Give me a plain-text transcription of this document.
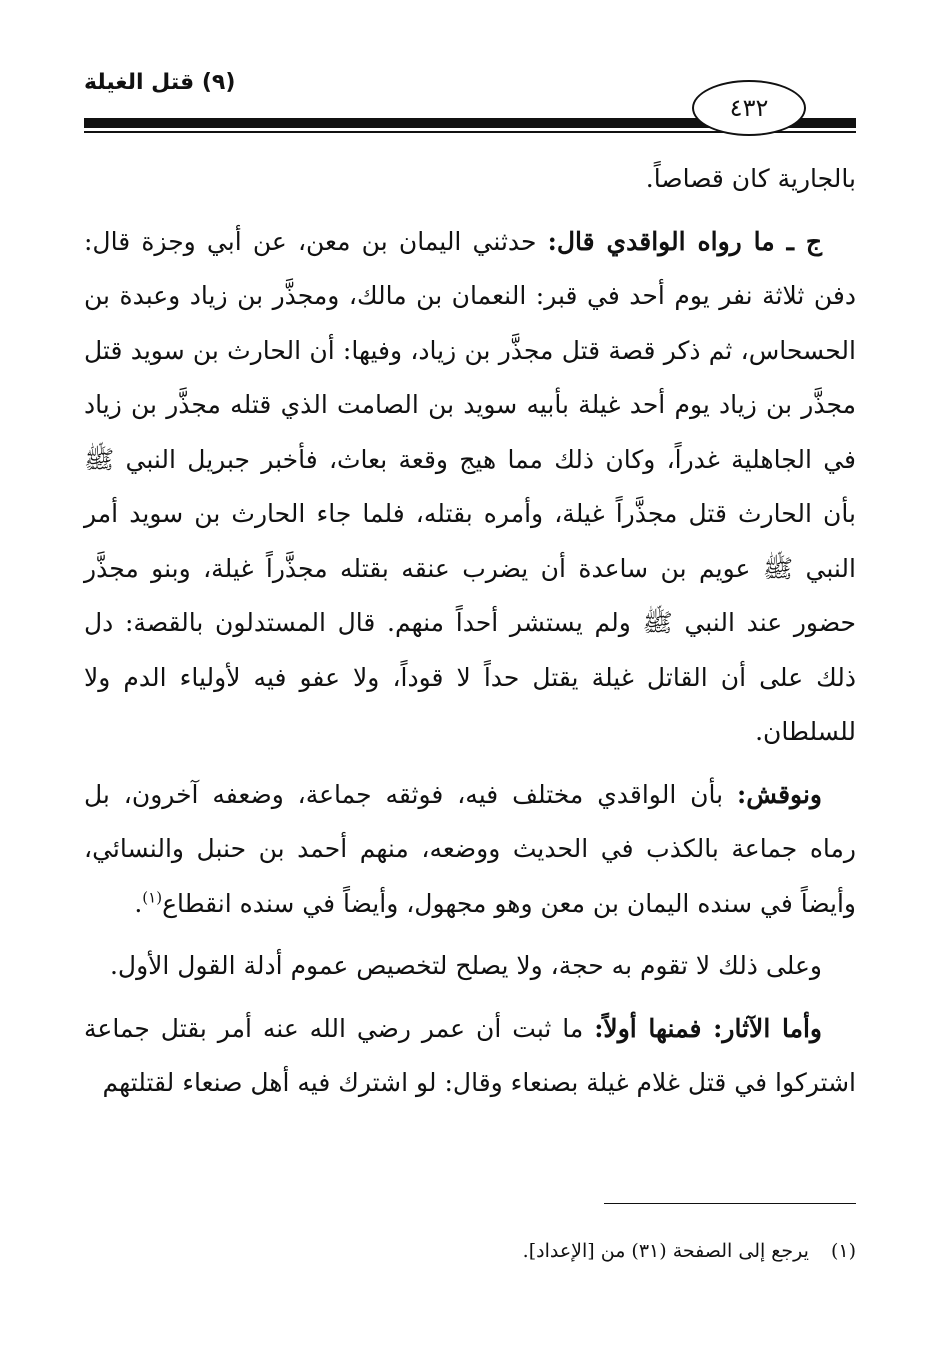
(٩) قتل الغيلة
٤٣٢

بالجارية كان قصاصاً.

ج ـ ما رواه الواقدي قال: حدثني اليمان بن معن، عن أبي وجزة قال: دفن ثلاثة نفر يوم أحد في قبر: النعمان بن مالك، ومجذَّر بن زياد وعبدة بن الحسحاس، ثم ذكر قصة قتل مجذَّر بن زياد، وفيها: أن الحارث بن سويد قتل مجذَّر بن زياد يوم أحد غيلة بأبيه سويد بن الصامت الذي قتله مجذَّر بن زياد في الجاهلية غدراً، وكان ذلك مما هيج وقعة بعاث، فأخبر جبريل النبي ﷺ بأن الحارث قتل مجذَّراً غيلة، وأمره بقتله، فلما جاء الحارث بن سويد أمر النبي ﷺ عويم بن ساعدة أن يضرب عنقه بقتله مجذَّراً غيلة، وبنو مجذَّر حضور عند النبي ﷺ ولم يستشر أحداً منهم. قال المستدلون بالقصة: دل ذلك على أن القاتل غيلة يقتل حداً لا قوداً، ولا عفو فيه لأولياء الدم ولا للسلطان.

ونوقش: بأن الواقدي مختلف فيه، فوثقه جماعة، وضعفه آخرون، بل رماه جماعة بالكذب في الحديث ووضعه، منهم أحمد بن حنبل والنسائي، وأيضاً في سنده اليمان بن معن وهو مجهول، وأيضاً في سنده انقطاع$^{(١)}$.

وعلى ذلك لا تقوم به حجة، ولا يصلح لتخصيص عموم أدلة القول الأول.

وأما الآثار: فمنها أولاً: ما ثبت أن عمر رضي الله عنه أمر بقتل جماعة اشتركوا في قتل غلام غيلة بصنعاء وقال: لو اشترك فيه أهل صنعاء لقتلتهم

(١)يرجع إلى الصفحة (٣١) من [الإعداد].
